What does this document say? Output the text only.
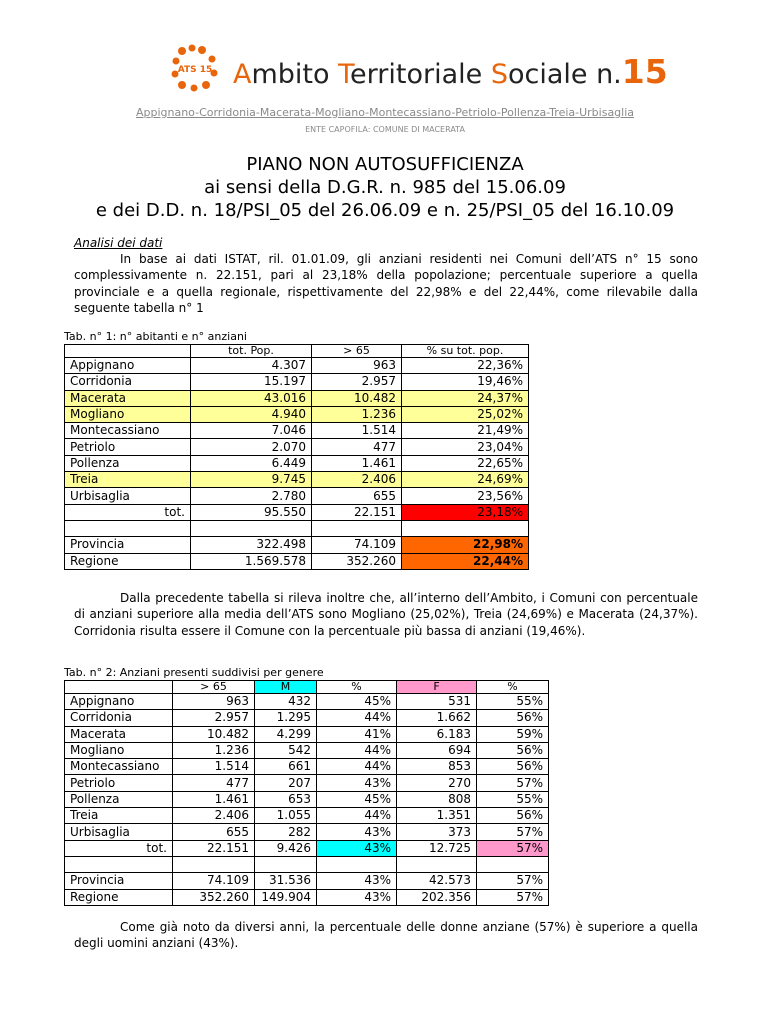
ATS 15 Ambito Territoriale Sociale n.15
Appignano-Corridonia-Macerata-Mogliano-Montecassiano-Petriolo-Pollenza-Treia-Urbisaglia
ENTE CAPOFILA: COMUNE DI MACERATA
PIANO NON AUTOSUFFICIENZA
ai sensi della D.G.R. n. 985 del 15.06.09
e dei D.D. n. 18/PSI_05 del 26.06.09 e n. 25/PSI_05 del 16.10.09
Analisi dei dati
In base ai dati ISTAT, ril. 01.01.09, gli anziani residenti nei Comuni dell’ATS n° 15 sono complessivamente n. 22.151, pari al 23,18% della popolazione; percentuale superiore a quella provinciale e a quella regionale, rispettivamente del 22,98% e del 22,44%, come rilevabile dalla seguente tabella n° 1
Tab. n° 1: n° abitanti e n° anziani
	tot. Pop.	> 65	% su tot. pop.
Appignano	4.307	963	22,36%
Corridonia	15.197	2.957	19,46%
Macerata	43.016	10.482	24,37%
Mogliano	4.940	1.236	25,02%
Montecassiano	7.046	1.514	21,49%
Petriolo	2.070	477	23,04%
Pollenza	6.449	1.461	22,65%
Treia	9.745	2.406	24,69%
Urbisaglia	2.780	655	23,56%
tot.	95.550	22.151	23,18%

Provincia	322.498	74.109	22,98%
Regione	1.569.578	352.260	22,44%
Dalla precedente tabella si rileva inoltre che, all’interno dell’Ambito, i Comuni con percentuale di anziani superiore alla media dell’ATS sono Mogliano (25,02%), Treia (24,69%) e Macerata (24,37%). Corridonia risulta essere il Comune con la percentuale più bassa di anziani (19,46%).
Tab. n° 2: Anziani presenti suddivisi per genere
	> 65	M	%	F	%
Appignano	963	432	45%	531	55%
Corridonia	2.957	1.295	44%	1.662	56%
Macerata	10.482	4.299	41%	6.183	59%
Mogliano	1.236	542	44%	694	56%
Montecassiano	1.514	661	44%	853	56%
Petriolo	477	207	43%	270	57%
Pollenza	1.461	653	45%	808	55%
Treia	2.406	1.055	44%	1.351	56%
Urbisaglia	655	282	43%	373	57%
tot.	22.151	9.426	43%	12.725	57%

Provincia	74.109	31.536	43%	42.573	57%
Regione	352.260	149.904	43%	202.356	57%
Come già noto da diversi anni, la percentuale delle donne anziane (57%) è superiore a quella degli uomini anziani (43%).
